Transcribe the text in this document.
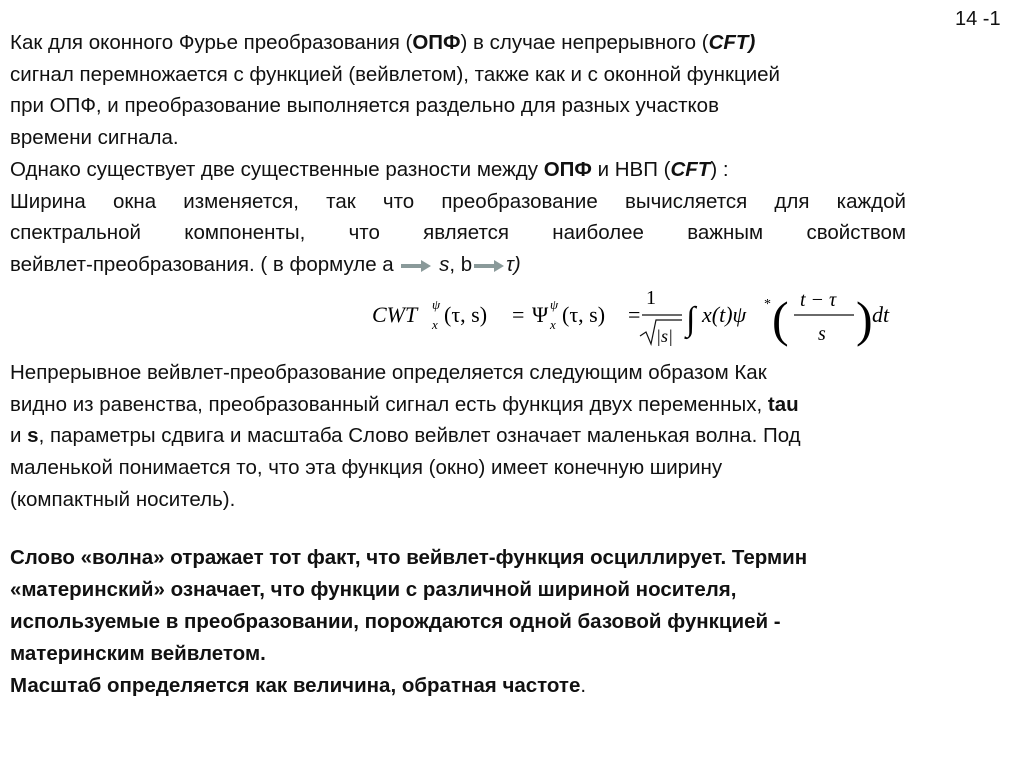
14 -1

Как для оконного Фурье преобразования (ОПФ) в случае непрерывного (CFT)

сигнал перемножается с функцией (вейвлетом), также как и с оконной функцией

при ОПФ, и преобразование выполняется раздельно для разных участков

времени сигнала.

Однако существует две существенные разности между ОПФ и НВП (CFT) :

Ширина окна изменяется, так что преобразование вычисляется для каждой

спектральной компоненты, что является наиболее важным свойством

вейвлет-преобразования. ( в формуле a s, b τ)

CWT ψ
x (τ, s) = Ψ ψ
x (τ, s) =
1
|s| ∫ x(t)ψ * ( t − τ
s ) dt

Непрерывное вейвлет-преобразование определяется следующим образом Как

видно из равенства, преобразованный сигнал есть функция двух переменных, tau

и s, параметры сдвига и масштаба Слово вейвлет означает маленькая волна. Под

маленькой понимается то, что эта функция (окно) имеет конечную ширину

(компактный носитель).

Слово «волна» отражает тот факт, что вейвлет-функция осциллирует. Термин

«материнский» означает, что функции с различной шириной носителя,

используемые в преобразовании, порождаются одной базовой функцией -

материнским вейвлетом.

Масштаб определяется как величина, обратная частоте.
